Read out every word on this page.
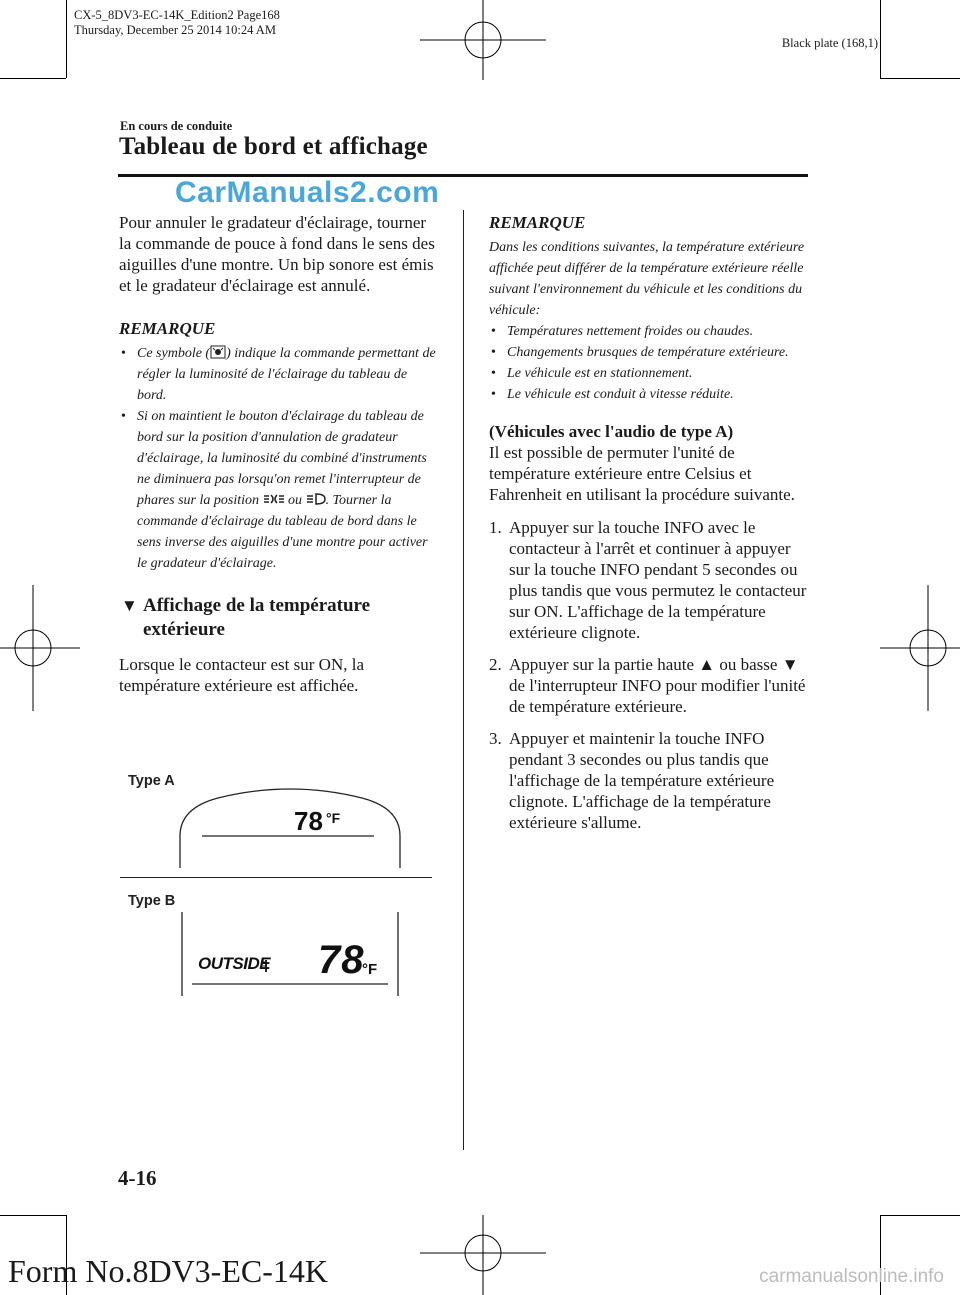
CX-5_8DV3-EC-14K_Edition2 Page168
Thursday, December 25 2014 10:24 AM
Black plate (168,1)
En cours de conduite
Tableau de bord et affichage
CarManuals2.com

Pour annuler le gradateur d'éclairage, tourner la commande de pouce à fond dans le sens des aiguilles d'une montre. Un bip sonore est émis et le gradateur d'éclairage est annulé.

REMARQUE
• Ce symbole ( ) indique la commande permettant de régler la luminosité de l'éclairage du tableau de bord.
• Si on maintient le bouton d'éclairage du tableau de bord sur la position d'annulation de gradateur d'éclairage, la luminosité du combiné d'instruments ne diminuera pas lorsqu'on remet l'interrupteur de phares sur la position ou . Tourner la commande d'éclairage du tableau de bord dans le sens inverse des aiguilles d'une montre pour activer le gradateur d'éclairage.
▼ Affichage de la température extérieure

Lorsque le contacteur est sur ON, la température extérieure est affichée.

Type A
78 °F
Type B
OUTSIDE 78
°F
REMARQUE

Dans les conditions suivantes, la température extérieure affichée peut différer de la température extérieure réelle suivant l'environnement du véhicule et les conditions du véhicule:

• Températures nettement froides ou chaudes.
• Changements brusques de température extérieure.
• Le véhicule est en stationnement.
• Le véhicule est conduit à vitesse réduite.

(Véhicules avec l'audio de type A)

Il est possible de permuter l'unité de température extérieure entre Celsius et Fahrenheit en utilisant la procédure suivante.

1. Appuyer sur la touche INFO avec le contacteur à l'arrêt et continuer à appuyer sur la touche INFO pendant 5 secondes ou plus tandis que vous permutez le contacteur sur ON. L'affichage de la température extérieure clignote.
2. Appuyer sur la partie haute ▲ ou basse ▼ de l'interrupteur INFO pour modifier l'unité de température extérieure.
3. Appuyer et maintenir la touche INFO pendant 3 secondes ou plus tandis que l'affichage de la température extérieure clignote. L'affichage de la température extérieure s'allume.
4-16
Form No.8DV3-EC-14K	carmanualsonline.info
